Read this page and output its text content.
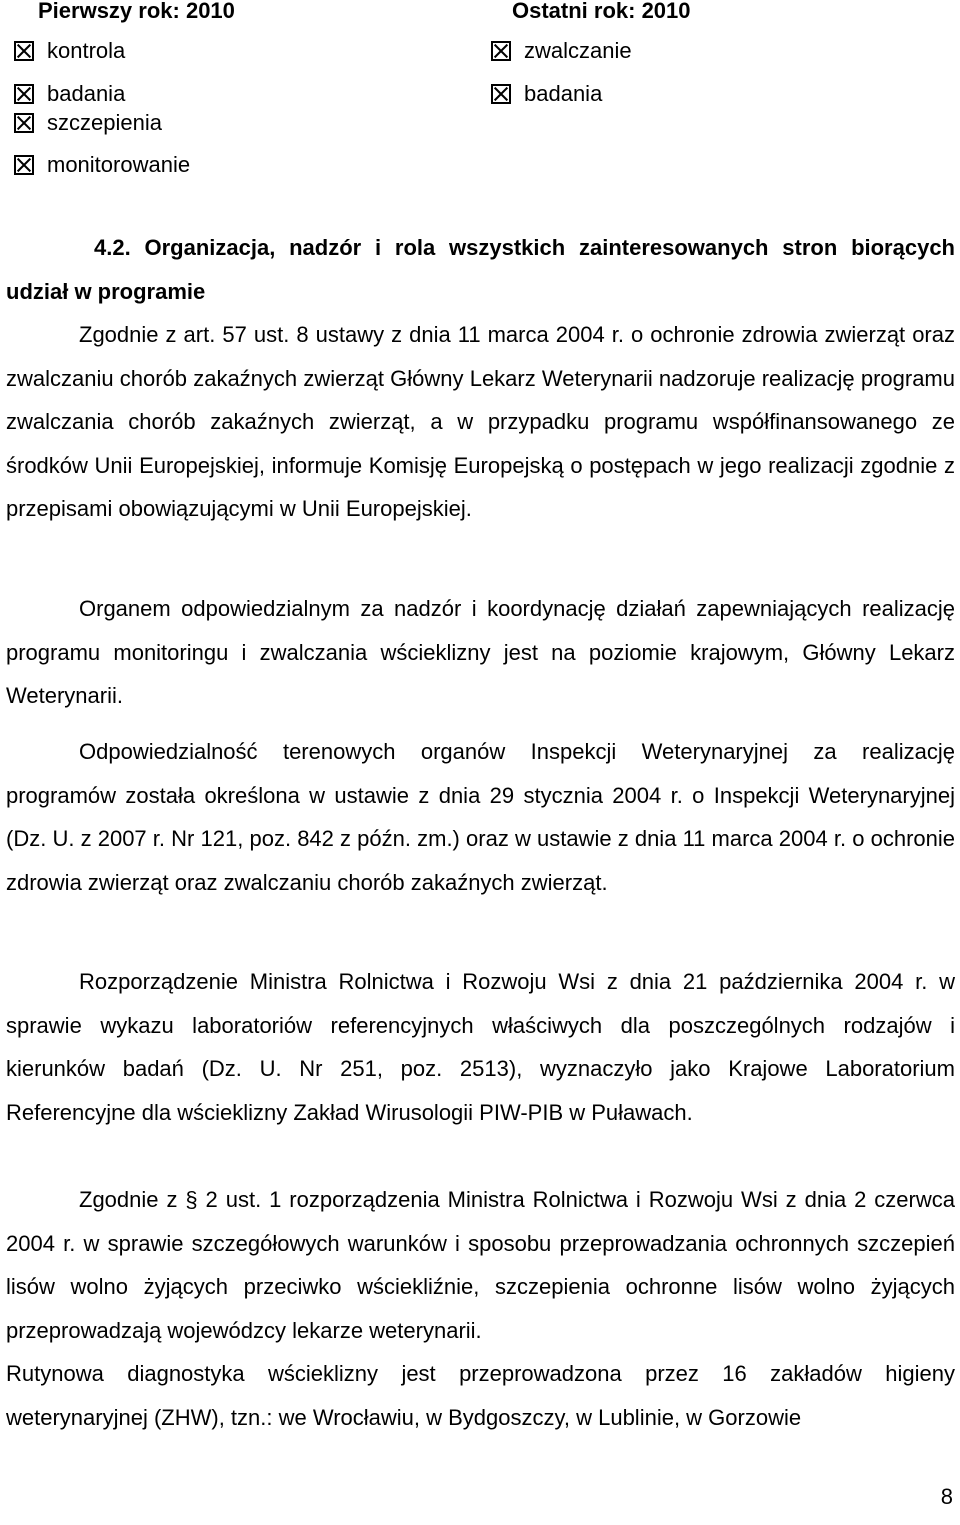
Pierwszy rok: 2010	Ostatni rok: 2010
kontrola
badania
szczepienia
monitorowanie
zwalczanie
badania
4.2. Organizacja, nadzór i rola wszystkich zainteresowanych stron biorących udział w programie

Zgodnie z art. 57 ust. 8 ustawy z dnia 11 marca 2004 r. o ochronie zdrowia zwierząt oraz zwalczaniu chorób zakaźnych zwierząt Główny Lekarz Weterynarii nadzoruje realizację programu zwalczania chorób zakaźnych zwierząt, a w przypadku programu współfinansowanego ze środków Unii Europejskiej, informuje Komisję Europejską o postępach w jego realizacji zgodnie z przepisami obowiązującymi w Unii Europejskiej.

Organem odpowiedzialnym za nadzór i koordynację działań zapewniających realizację programu monitoringu i zwalczania wścieklizny jest na poziomie krajowym, Główny Lekarz Weterynarii.

Odpowiedzialność terenowych organów Inspekcji Weterynaryjnej za realizację programów została określona w ustawie z dnia 29 stycznia 2004 r. o Inspekcji Weterynaryjnej (Dz. U. z 2007 r. Nr 121, poz. 842 z późn. zm.) oraz w ustawie z dnia 11 marca 2004 r. o ochronie zdrowia zwierząt oraz zwalczaniu chorób zakaźnych zwierząt.

Rozporządzenie Ministra Rolnictwa i Rozwoju Wsi z dnia 21 października 2004 r. w sprawie wykazu laboratoriów referencyjnych właściwych dla poszczególnych rodzajów i kierunków badań (Dz. U. Nr 251, poz. 2513), wyznaczyło jako Krajowe Laboratorium Referencyjne dla wścieklizny Zakład Wirusologii PIW-PIB w Puławach.

Zgodnie z § 2 ust. 1 rozporządzenia Ministra Rolnictwa i Rozwoju Wsi z dnia 2 czerwca 2004 r. w sprawie szczegółowych warunków i sposobu przeprowadzania ochronnych szczepień lisów wolno żyjących przeciwko wściekliźnie, szczepienia ochronne lisów wolno żyjących przeprowadzają wojewódzcy lekarze weterynarii.

Rutynowa diagnostyka wścieklizny jest przeprowadzona przez 16 zakładów higieny weterynaryjnej (ZHW), tzn.: we Wrocławiu, w Bydgoszczy, w Lublinie, w Gorzowie

8
